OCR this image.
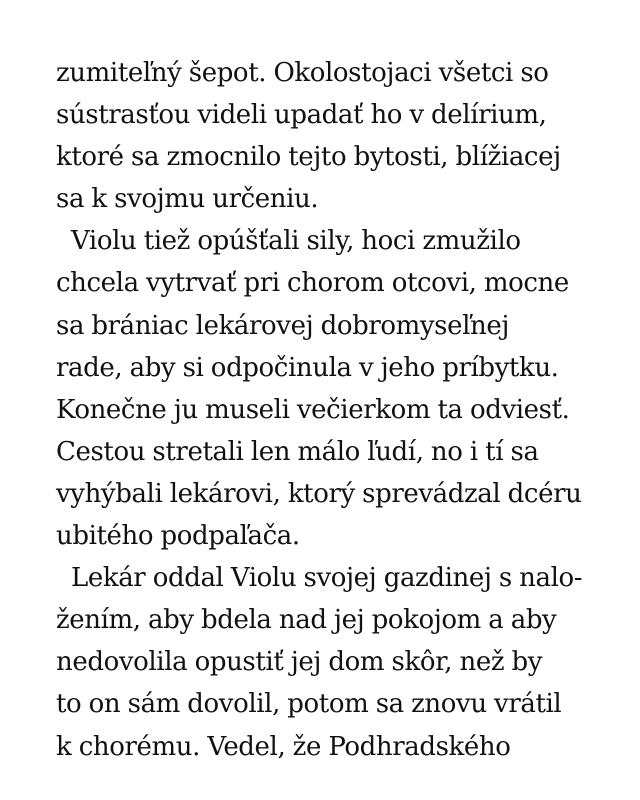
zumiteľný šepot. Okolostojaci všetci so
sústrasťou videli upadať ho v delírium,
ktoré sa zmocnilo tejto bytosti, blížiacej
sa k svojmu určeniu.
Violu tiež opúšťali sily, hoci zmužilo
chcela vytrvať pri chorom otcovi, mocne
sa brániac lekárovej dobromyseľnej
rade, aby si odpočinula v jeho príbytku.
Konečne ju museli večierkom ta odviesť.
Cestou stretali len málo ľudí, no i tí sa
vyhýbali lekárovi, ktorý sprevádzal dcéru
ubitého podpaľača.
Lekár oddal Violu svojej gazdinej s nalo-
žením, aby bdela nad jej pokojom a aby
nedovolila opustiť jej dom skôr, než by
to on sám dovolil, potom sa znovu vrátil
k chorému. Vedel, že Podhradského
